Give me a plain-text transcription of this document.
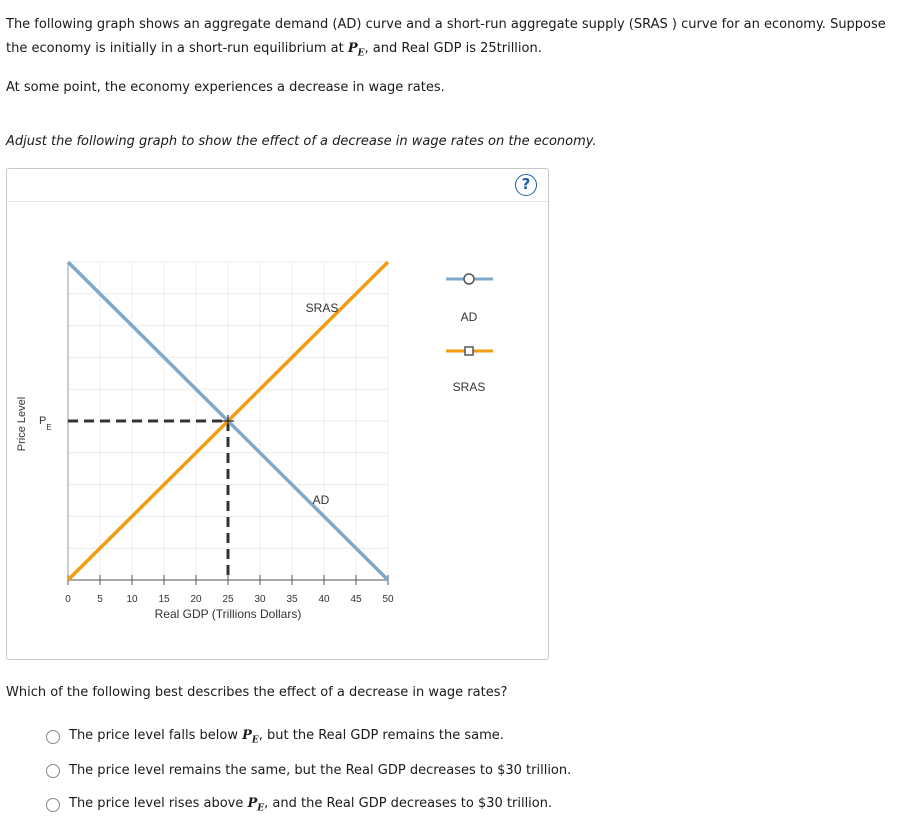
The following graph shows an aggregate demand (AD) curve and a short-run aggregate supply (SRAS ) curve for an economy. Suppose the economy is initially in a short-run equilibrium at $P_E$, and Real GDP is 25trillion.

At some point, the economy experiences a decrease in wage rates.

Adjust the following graph to show the effect of a decrease in wage rates on the economy.
?
0	5 10 15 20 25 30 35 40 45 50
Price Level $P_E$
Real GDP (Trillions Dollars)
SRAS
AD
AD
SRAS
Which of the following best describes the effect of a decrease in wage rates?
The price level falls below $P_E$, but the Real GDP remains the same.
The price level remains the same, but the Real GDP decreases to $30 trillion.
The price level rises above $P_E$, and the Real GDP decreases to $30 trillion.
